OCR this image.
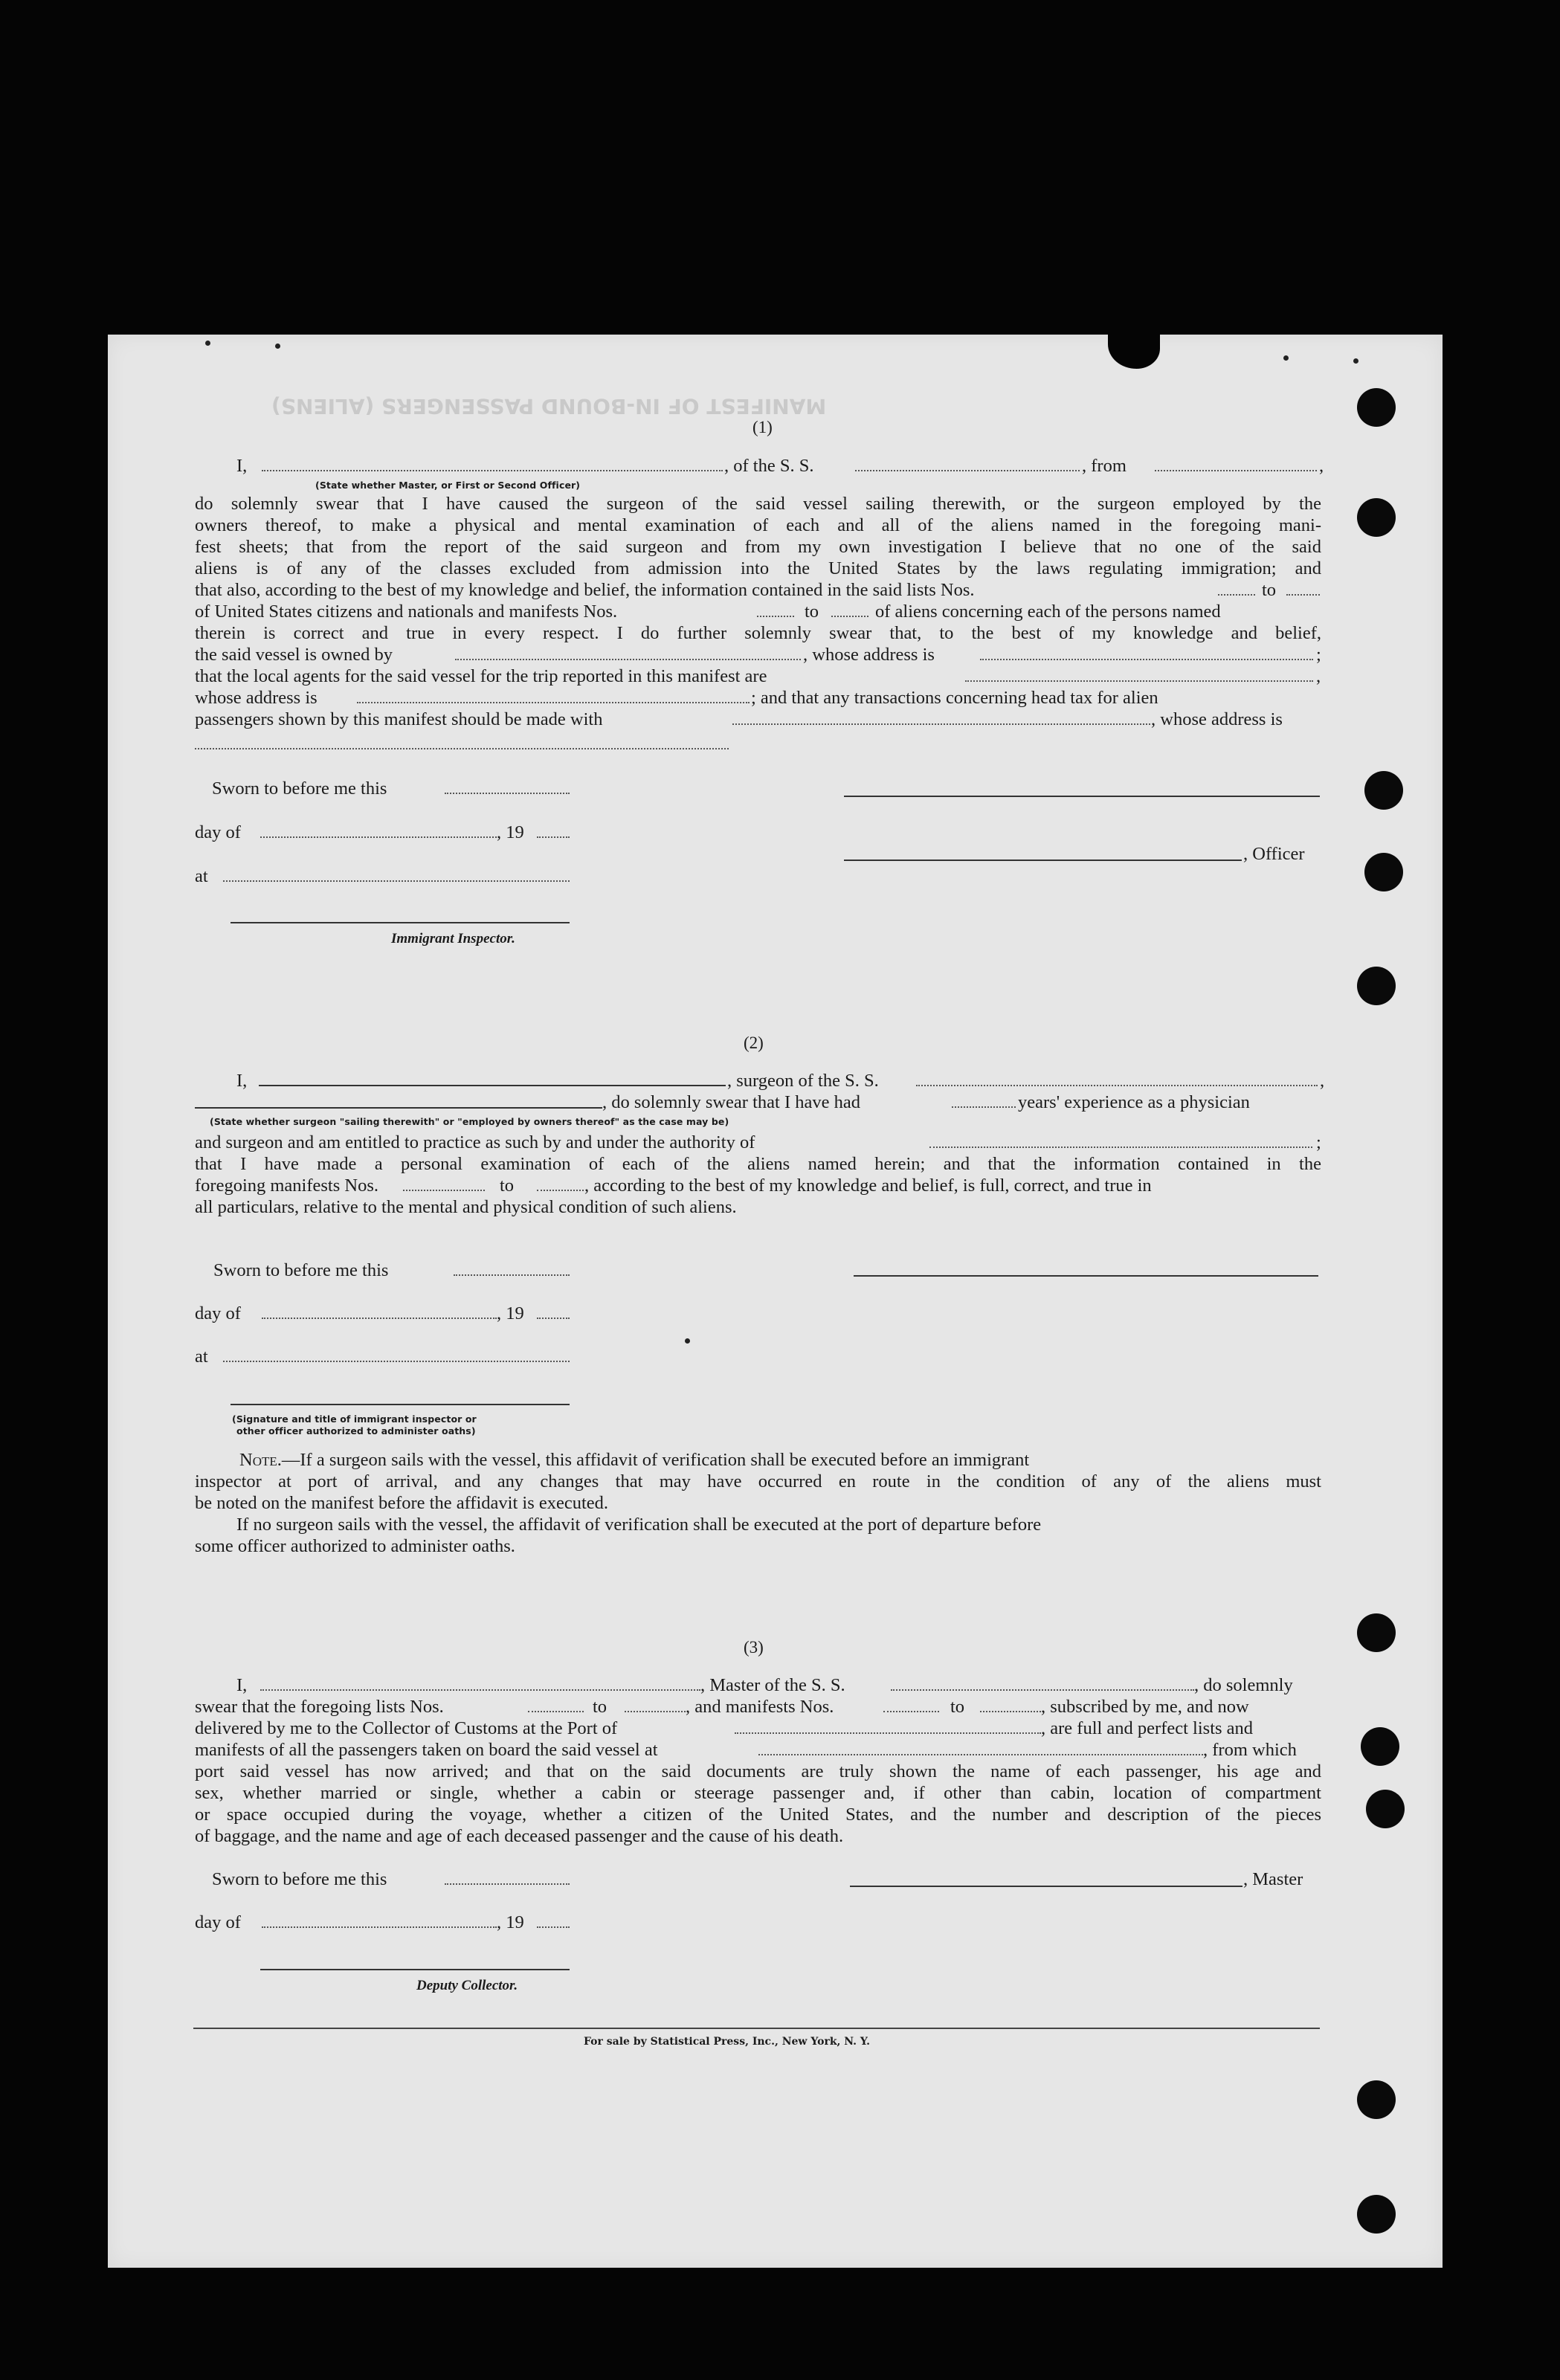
MANIFEST OF IN-BOUND PASSENGERS (ALIENS)
(1)
I,	, of the S. S.	, from	,
(State whether Master, or First or Second Officer)
do solemnly swear that I have caused the surgeon of the said vessel sailing therewith, or the surgeon employed by the
owners thereof, to make a physical and mental examination of each and all of the aliens named in the foregoing mani-
fest sheets; that from the report of the said surgeon and from my own investigation I believe that no one of the said
aliens is of any of the classes excluded from admission into the United States by the laws regulating immigration; and
that also, according to the best of my knowledge and belief, the information contained in the said lists Nos.	to
of United States citizens and nationals and manifests Nos.	to	of aliens concerning each of the persons named
therein is correct and true in every respect. I do further solemnly swear that, to the best of my knowledge and belief,
the said vessel is owned by	, whose address is	;
that the local agents for the said vessel for the trip reported in this manifest are	,
whose address is	; and that any transactions concerning head tax for alien
passengers shown by this manifest should be made with	, whose address is
Sworn to before me this
day of	, 19
, Officer
at
Immigrant Inspector.
(2)
I,	, surgeon of the S. S.	,
, do solemnly swear that I have had	years' experience as a physician
(State whether surgeon "sailing therewith" or "employed by owners thereof" as the case may be)
and surgeon and am entitled to practice as such by and under the authority of	;
that I have made a personal examination of each of the aliens named herein; and that the information contained in the
foregoing manifests Nos.	to	, according to the best of my knowledge and belief, is full, correct, and true in
all particulars, relative to the mental and physical condition of such aliens.
Sworn to before me this
day of	, 19
at
(Signature and title of immigrant inspector or
other officer authorized to administer oaths)
Note.—If a surgeon sails with the vessel, this affidavit of verification shall be executed before an immigrant
inspector at port of arrival, and any changes that may have occurred en route in the condition of any of the aliens must
be noted on the manifest before the affidavit is executed.
If no surgeon sails with the vessel, the affidavit of verification shall be executed at the port of departure before
some officer authorized to administer oaths.
(3)
I,	, Master of the S. S.	, do solemnly
swear that the foregoing lists Nos.	to	, and manifests Nos.	to	, subscribed by me, and now
delivered by me to the Collector of Customs at the Port of	, are full and perfect lists and
manifests of all the passengers taken on board the said vessel at	, from which
port said vessel has now arrived; and that on the said documents are truly shown the name of each passenger, his age and
sex, whether married or single, whether a cabin or steerage passenger and, if other than cabin, location of compartment
or space occupied during the voyage, whether a citizen of the United States, and the number and description of the pieces
of baggage, and the name and age of each deceased passenger and the cause of his death.
Sworn to before me this	, Master
day of	, 19
Deputy Collector.
For sale by Statistical Press, Inc., New York, N. Y.
